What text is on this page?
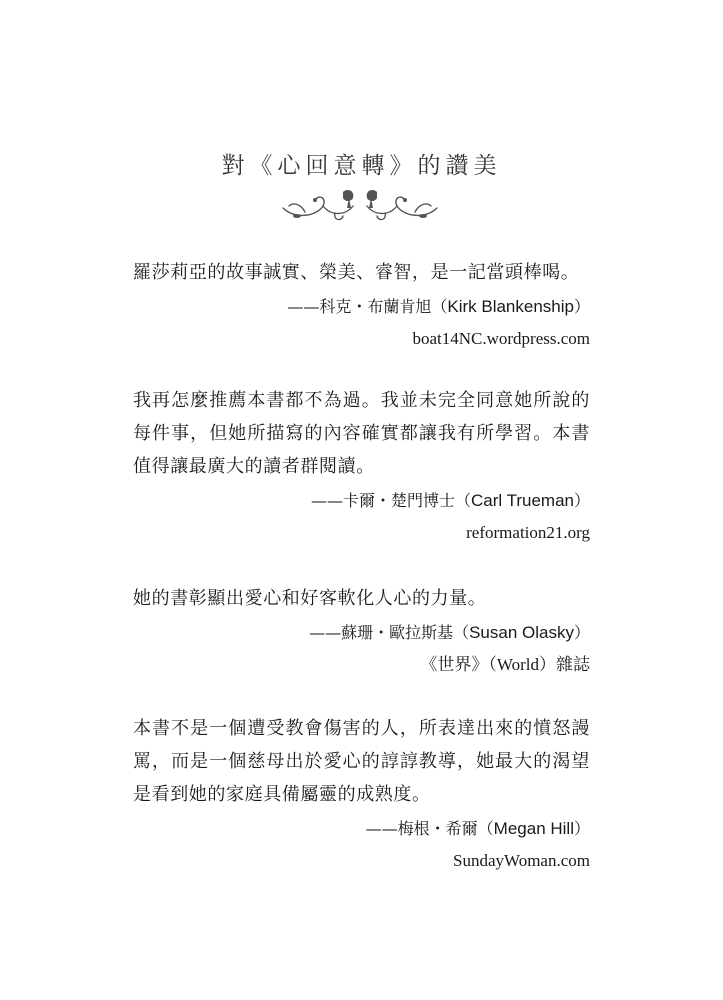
對《心回意轉》的讚美

羅莎莉亞的故事誠實、榮美、睿智，是一記當頭棒喝。

——科克・布蘭肯旭（Kirk Blankenship）
boat14NC.wordpress.com

我再怎麼推薦本書都不為過。我並未完全同意她所說的每件事，但她所描寫的內容確實都讓我有所學習。本書值得讓最廣大的讀者群閱讀。

——卡爾・楚門博士（Carl Trueman）
reformation21.org

她的書彰顯出愛心和好客軟化人心的力量。

——蘇珊・歐拉斯基（Susan Olasky）
《世界》（World）雜誌

本書不是一個遭受教會傷害的人，所表達出來的憤怒謾罵，而是一個慈母出於愛心的諄諄教導，她最大的渴望是看到她的家庭具備屬靈的成熟度。

——梅根・希爾（Megan Hill）
SundayWoman.com
